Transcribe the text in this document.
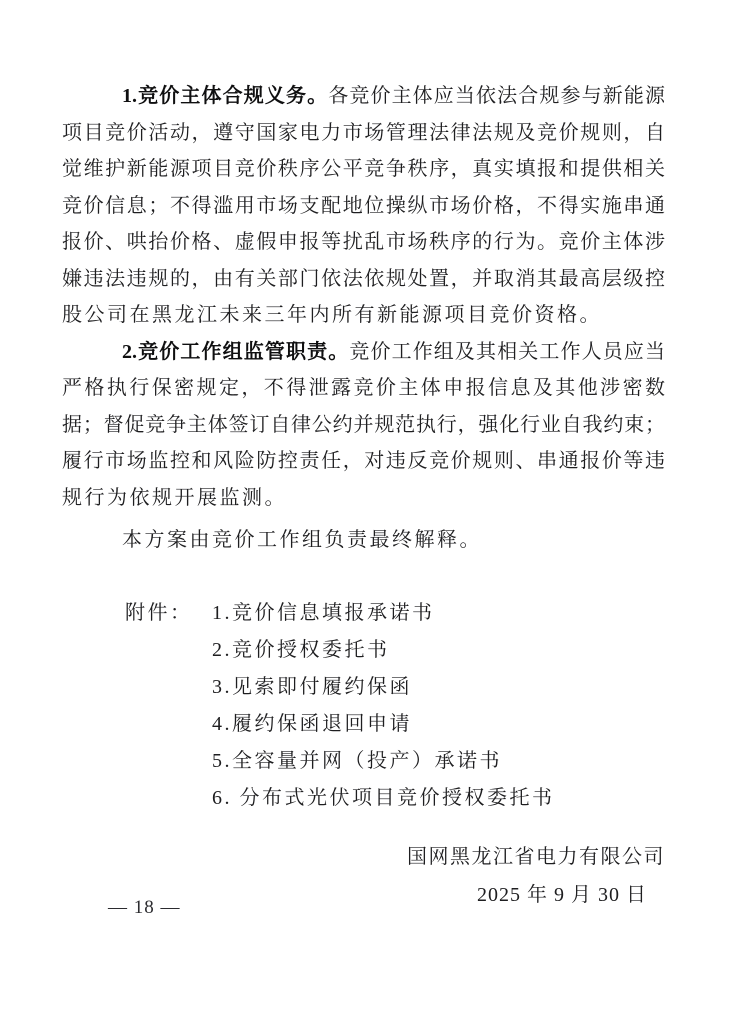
1.竞价主体合规义务。各竞价主体应当依法合规参与新能源
项目竞价活动，遵守国家电力市场管理法律法规及竞价规则，自
觉维护新能源项目竞价秩序公平竞争秩序，真实填报和提供相关
竞价信息；不得滥用市场支配地位操纵市场价格，不得实施串通
报价、哄抬价格、虚假申报等扰乱市场秩序的行为。竞价主体涉
嫌违法违规的，由有关部门依法依规处置，并取消其最高层级控
股公司在黑龙江未来三年内所有新能源项目竞价资格。
2.竞价工作组监管职责。竞价工作组及其相关工作人员应当
严格执行保密规定，不得泄露竞价主体申报信息及其他涉密数
据；督促竞争主体签订自律公约并规范执行，强化行业自我约束；
履行市场监控和风险防控责任，对违反竞价规则、串通报价等违
规行为依规开展监测。
本方案由竞价工作组负责最终解释。
附件： 1.竞价信息填报承诺书
2.竞价授权委托书
3.见索即付履约保函
4.履约保函退回申请
5.全容量并网（投产）承诺书
6. 分布式光伏项目竞价授权委托书
国网黑龙江省电力有限公司
2025 年 9 月 30 日
— 18 —
